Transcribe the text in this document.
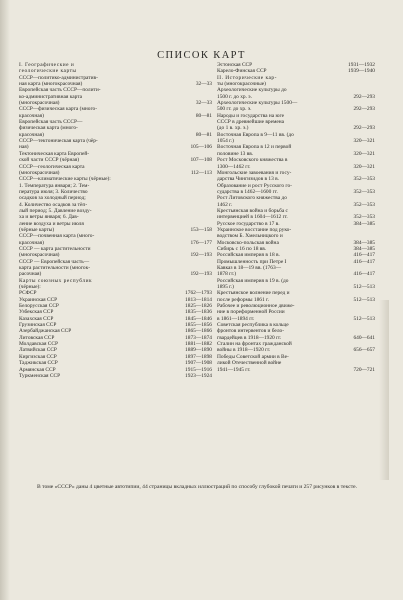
СПИСОК КАРТ
I. Географические и
геологические карты
СССР—политико-административ-
ная карта (многокрасочная)	32—33
Европейская часть СССР—полити-
ко-административная карта
(многокрасочная)	32—33
СССР—физическая карта (много-
красочная)	80—81
Европейская часть СССР—
физическая карта (много-
красочная)	80—81
СССР—тектоническая карта (чёр-
ная)	105—106
Тектоническая карта Европей-
ской части СССР (чёрная)	107—108
СССР—геологическая карта
(многокрасочная)	112—113
СССР—климатические карты (чёрные):
1. Температура января; 2. Тем-
пература июля; 3. Количество
осадков за холодный период;
4. Количество осадков за тёп-
лый период; 5. Давление возду-
ха и ветры января; 6. Дав-
ление воздуха и ветры июля
(чёрные карты)	153—158
СССР—почвенная карта (много-
красочная)	176—177
СССР — карта растительности
(многокрасочная)	192—193
СССР — Европейская часть—
карта растительности (многок-
расочная)	192—193
Карты союзных республик
(чёрные):
РСФСР	1762—1793
Украинская ССР	1813—1814
Белорусская ССР	1825—1826
Узбекская ССР	1835—1836
Казахская ССР	1845—1846
Грузинская ССР	1855—1856
Азербайджанская ССР	1865—1866
Литовская ССР	1873—1874
Молдавская ССР	1881—1882
Латвийская ССР	1889—1890
Киргизская ССР	1897—1898
Таджикская ССР	1907—1908
Армянская ССР	1915—1916
Туркменская ССР	1923—1924
Эстонская ССР	1931—1932
Карело-Финская ССР	1939—1940
II. Исторические кар-
ты (многокрасочные)
Археологические культуры до
1500 г. до хр. э.	292—293
Археологические культуры 1500—
500 гг. до хр. э.	292—293
Народы и государства на юге
СССР в древнейшие времена
(до 1 в. хр. э.)	292—293
Восточная Европа в 9—11 вв. (до
1054 г.)	320—321
Восточная Европа в 12 и первой
половине 13 вв.	320—321
Рост Московского княжества в
1300—1462 гг.	320—321
Монгольские завоевания и госу-
дарства Чингизидов в 13 в.	352—353
Образование и рост Русского го-
сударства в 1462—1600 гг.	352—353
Рост Литовского княжества до
1462 г.	352—353
Крестьянская война и борьба с
интервенцией в 1604—1612 гг.	352—353
Русское государство в 17 в.	384—385
Украинское восстание под руко-
водством Б. Хмельницкого и
Московско-польская война	384—385
Сибирь с 16 по 18 вв.	384—385
Российская империя в 18 в.	416—417
Промышленность при Петре I	416—417
Кавказ в 18—19 вв. (1763—
1878 гг.)	416—417
Российская империя в 19 в. (до
1895 г.)	512—513
Крестьянское волнение перед и
после реформы 1861 г.	512—513
Рабочее и революционное движе-
ние в пореформенной России
в 1861—1894 гг.	512—513
Советская республика в кольце
фронтов интервентов и бело-
гвардейцев в 1918—1920 гг.	640—641
Сталин на фронтах гражданской
войны в 1918—1920 гг.	656—657
Победы Советской армии в Ве-
ликой Отечественной войне
1941—1945 гг.	720—721
В томе «СССР» даны 4 цветные автотипии, 44 страницы вкладных иллюстраций по способу глубокой печати и 257 рисунков в тексте.
